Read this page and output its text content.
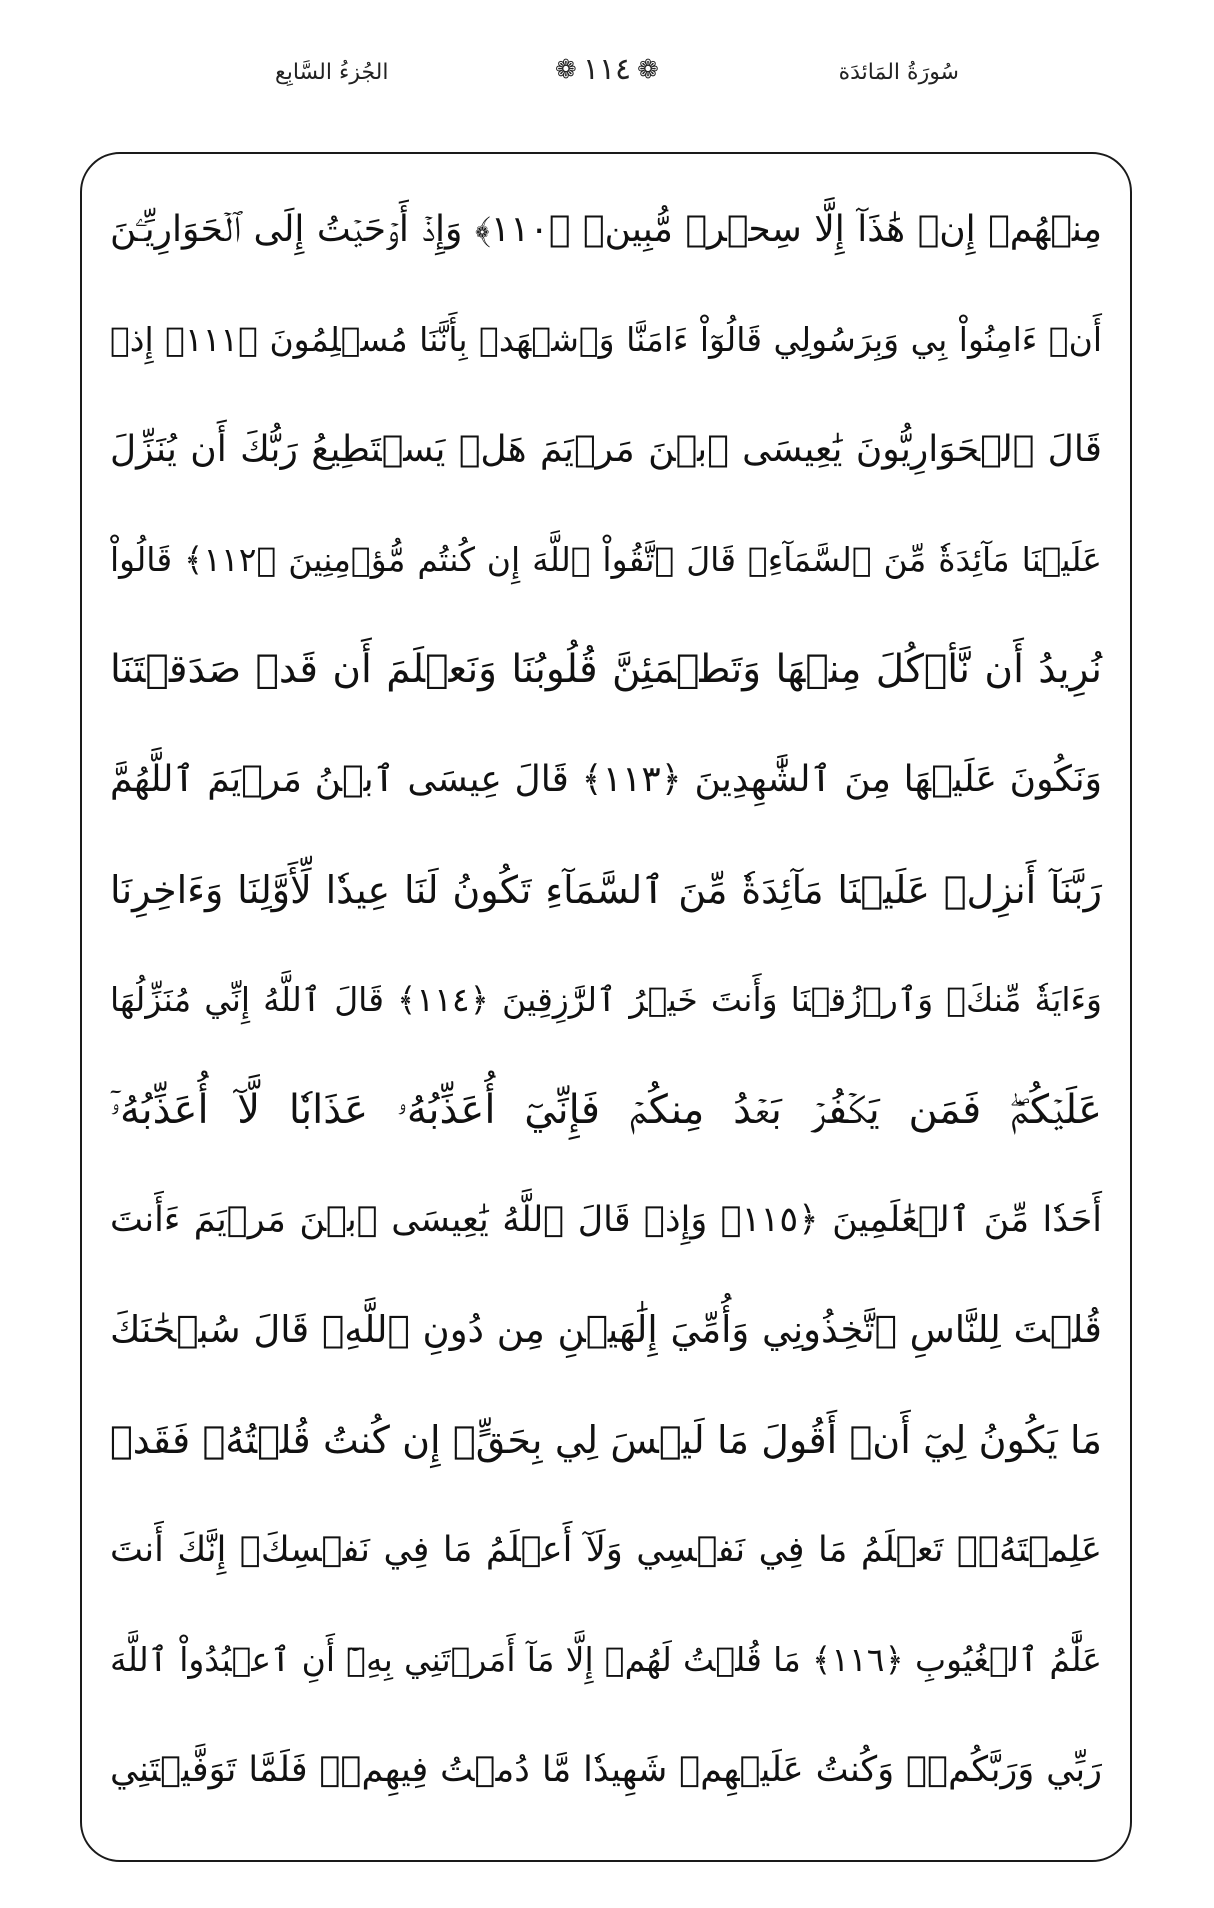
سُورَةُ المَائدَة
❁ ١١٤ ❁
الجُزءُ السَّابِع
مِنۡهُمۡ إِنۡ هَٰذَآ إِلَّا سِحۡرٞ مُّبِينٞ ﴿١١٠﴾ وَإِذۡ أَوۡحَيۡتُ إِلَى ٱلۡحَوَارِيِّـۧنَ
أَنۡ ءَامِنُواْ بِي وَبِرَسُولِي قَالُوٓاْ ءَامَنَّا وَٱشۡهَدۡ بِأَنَّنَا مُسۡلِمُونَ ﴿١١١﴾ إِذۡ
قَالَ ٱلۡحَوَارِيُّونَ يَٰعِيسَى ٱبۡنَ مَرۡيَمَ هَلۡ يَسۡتَطِيعُ رَبُّكَ أَن يُنَزِّلَ
عَلَيۡنَا مَآئِدَةٗ مِّنَ ٱلسَّمَآءِۖ قَالَ ٱتَّقُواْ ٱللَّهَ إِن كُنتُم مُّؤۡمِنِينَ ﴿١١٢﴾ قَالُواْ
نُرِيدُ أَن نَّأۡكُلَ مِنۡهَا وَتَطۡمَئِنَّ قُلُوبُنَا وَنَعۡلَمَ أَن قَدۡ صَدَقۡتَنَا
وَنَكُونَ عَلَيۡهَا مِنَ ٱلشَّٰهِدِينَ ﴿١١٣﴾ قَالَ عِيسَى ٱبۡنُ مَرۡيَمَ ٱللَّهُمَّ
رَبَّنَآ أَنزِلۡ عَلَيۡنَا مَآئِدَةٗ مِّنَ ٱلسَّمَآءِ تَكُونُ لَنَا عِيدٗا لِّأَوَّلِنَا وَءَاخِرِنَا
وَءَايَةٗ مِّنكَۖ وَٱرۡزُقۡنَا وَأَنتَ خَيۡرُ ٱلرَّٰزِقِينَ ﴿١١٤﴾ قَالَ ٱللَّهُ إِنِّي مُنَزِّلُهَا
عَلَيۡكُمۡۖ فَمَن يَكۡفُرۡ بَعۡدُ مِنكُمۡ فَإِنِّيٓ أُعَذِّبُهُۥ عَذَابٗا لَّآ أُعَذِّبُهُۥٓ
أَحَدٗا مِّنَ ٱلۡعَٰلَمِينَ ﴿١١٥﴾ وَإِذۡ قَالَ ٱللَّهُ يَٰعِيسَى ٱبۡنَ مَرۡيَمَ ءَأَنتَ
قُلۡتَ لِلنَّاسِ ٱتَّخِذُونِي وَأُمِّيَ إِلَٰهَيۡنِ مِن دُونِ ٱللَّهِۖ قَالَ سُبۡحَٰنَكَ
مَا يَكُونُ لِيٓ أَنۡ أَقُولَ مَا لَيۡسَ لِي بِحَقٍّۚ إِن كُنتُ قُلۡتُهُۥ فَقَدۡ
عَلِمۡتَهُۥۚ تَعۡلَمُ مَا فِي نَفۡسِي وَلَآ أَعۡلَمُ مَا فِي نَفۡسِكَۚ إِنَّكَ أَنتَ
عَلَّٰمُ ٱلۡغُيُوبِ ﴿١١٦﴾ مَا قُلۡتُ لَهُمۡ إِلَّا مَآ أَمَرۡتَنِي بِهِۦٓ أَنِ ٱعۡبُدُواْ ٱللَّهَ
رَبِّي وَرَبَّكُمۡۚ وَكُنتُ عَلَيۡهِمۡ شَهِيدٗا مَّا دُمۡتُ فِيهِمۡۖ فَلَمَّا تَوَفَّيۡتَنِي
